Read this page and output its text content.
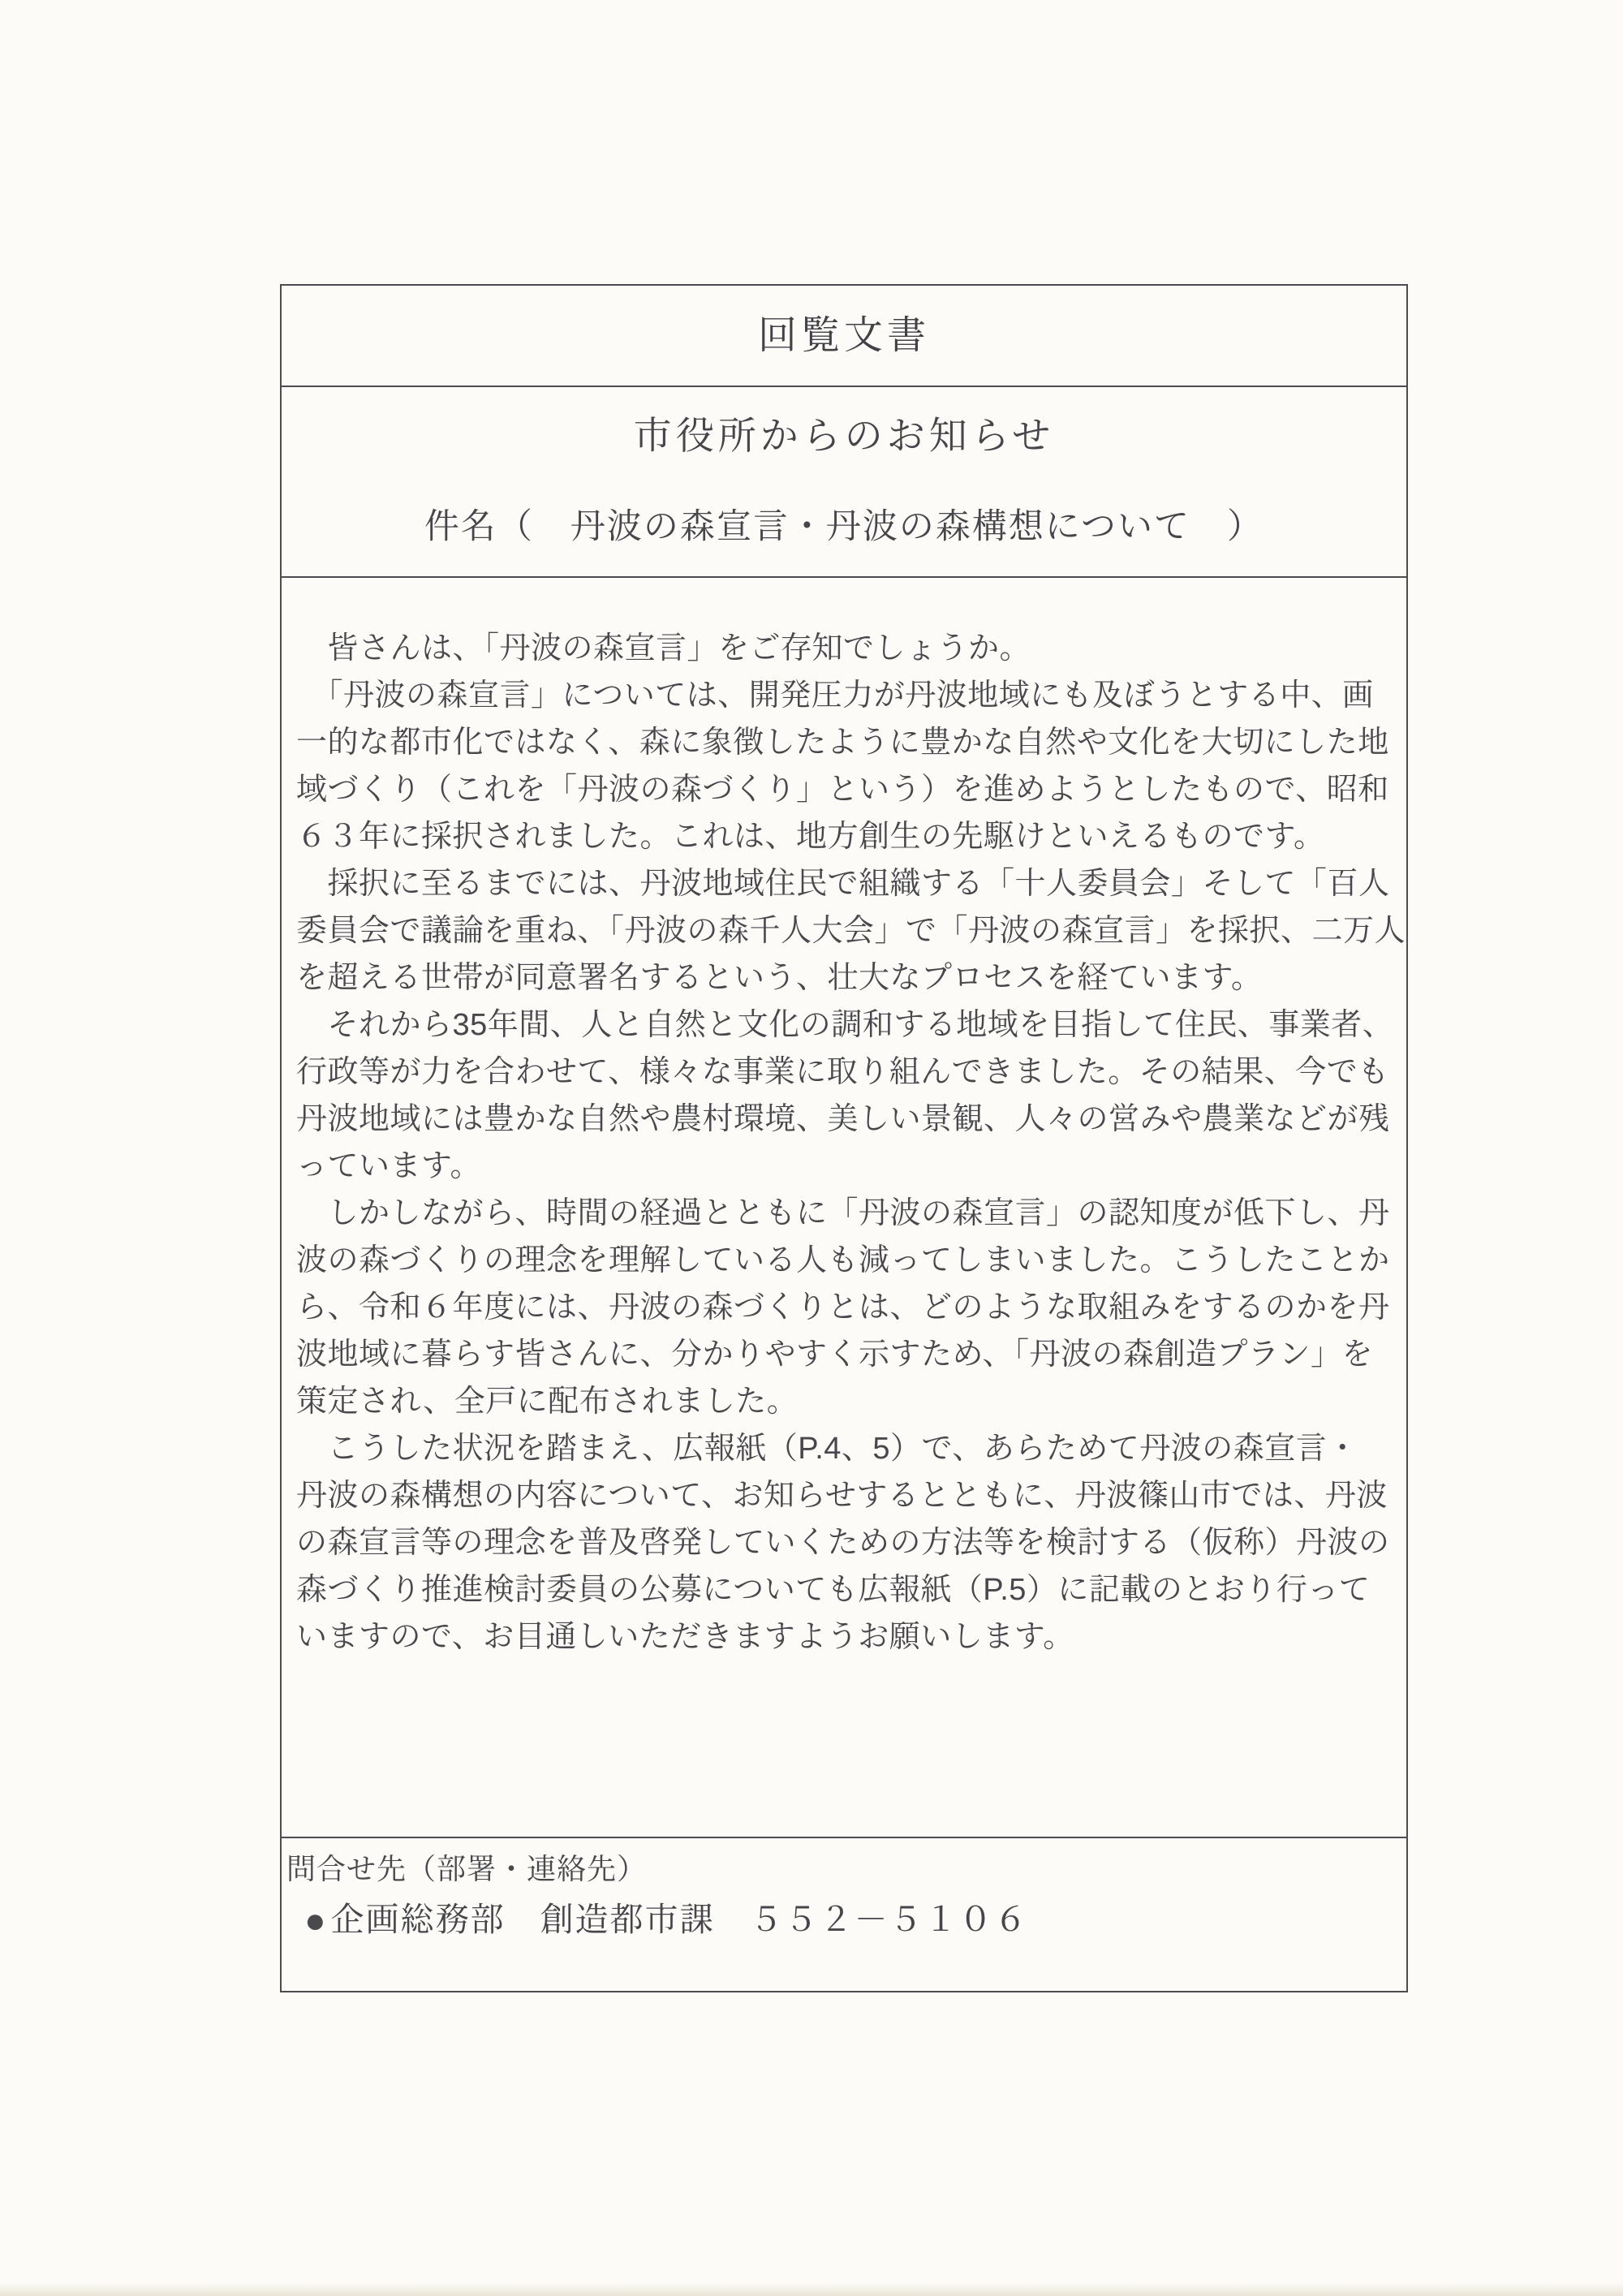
回覧文書
市役所からのお知らせ
件名（　丹波の森宣言・丹波の森構想について　）
　皆さんは、「丹波の森宣言」をご存知でしょうか。
　「丹波の森宣言」については、開発圧力が丹波地域にも及ぼうとする中、画
一的な都市化ではなく、森に象徴したように豊かな自然や文化を大切にした地
域づくり（これを「丹波の森づくり」という）を進めようとしたもので、昭和
６３年に採択されました。これは、地方創生の先駆けといえるものです。
　採択に至るまでには、丹波地域住民で組織する「十人委員会」そして「百人
委員会で議論を重ね、「丹波の森千人大会」で「丹波の森宣言」を採択、二万人
を超える世帯が同意署名するという、壮大なプロセスを経ています。
　それから35年間、人と自然と文化の調和する地域を目指して住民、事業者、
行政等が力を合わせて、様々な事業に取り組んできました。その結果、今でも
丹波地域には豊かな自然や農村環境、美しい景観、人々の営みや農業などが残
っています。
　しかしながら、時間の経過とともに「丹波の森宣言」の認知度が低下し、丹
波の森づくりの理念を理解している人も減ってしまいました。こうしたことか
ら、令和６年度には、丹波の森づくりとは、どのような取組みをするのかを丹
波地域に暮らす皆さんに、分かりやすく示すため、「丹波の森創造プラン」を
策定され、全戸に配布されました。
　こうした状況を踏まえ、広報紙（P.4、5）で、あらためて丹波の森宣言・
丹波の森構想の内容について、お知らせするとともに、丹波篠山市では、丹波
の森宣言等の理念を普及啓発していくための方法等を検討する（仮称）丹波の
森づくり推進検討委員の公募についても広報紙（P.5）に記載のとおり行って
いますので、お目通しいただきますようお願いします。
問合せ先（部署・連絡先）
●企画総務部　創造都市課　５５２－５１０６
